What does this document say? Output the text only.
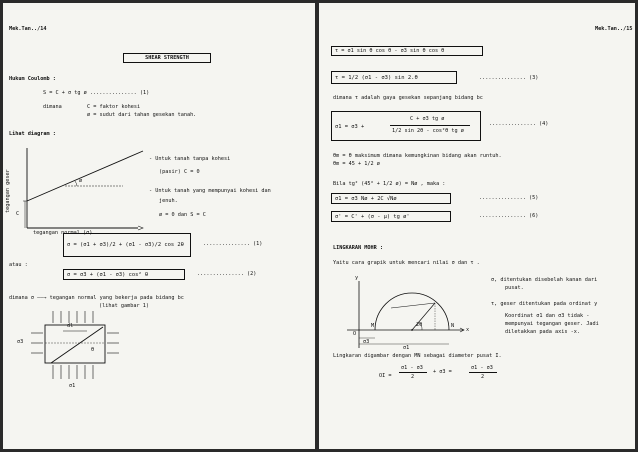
Mek.Tan../14
SHEAR STRENGTH
Hukum Coulomb :
S = C + σ tg ø ............... (1)
dimana	C = faktor kohesi
ø = sudut dari tahan gesekan tanah.
Lihat diagram :
tegangan geser
tegangan normal (σ)
ø
C
- Untuk tanah tanpa kohesi
(pasir) C = 0
- Untuk tanah yang mempunyai kohesi dan
jenuh.
ø = 0 dan S = C
σ = (σ1 + σ3)/2 + (σ1 - σ3)/2 cos 2θ	............... (1)
atau :
σ = σ3 + (σ1 - σ3) cos² θ	............... (2)
dimana σ ——→ tegangan normal yang bekerja pada bidang bc
(lihat gambar 1)
dl
σ3
σ1
θ
Mek.Tan../15
τ = σ1 sin θ cos θ - σ3 sin θ cos θ
τ = 1/2 (σ1 - σ3) sin 2.θ	............... (3)
dimana τ adalah gaya gesekan sepanjang bidang bc
σ1 = σ3 +
C + σ3 tg ø
1/2 sin 2θ - cos²θ tg ø
............... (4)
θm = θ maksimum dimana kemungkinan bidang akan runtuh.
θm = 45 + 1/2 ø
Bila tg² (45° + 1/2 ø) = Nø , maka :
σ1 = σ3 Nø + 2C √Nø	............... (5)
σ' = C' + (σ - μ) tg ø'	............... (6)
LINGKARAN MOHR :
Yaitu cara grapik untuk mencari nilai σ dan τ .
y
x
M	N
O
2θ
σ3
σ1
σ, ditentukan disebelah kanan dari
pusat.
τ, geser ditentukan pada ordinat y
Koordinat σ1 dan σ3 tidak -
mempunyai tegangan geser. Jadi
diletakkan pada axis -x.
Lingkaran digambar dengan MN sebagai diameter pusat I.
OI =
σ1 - σ3
2
+ σ3 =
σ1 - σ3
2
